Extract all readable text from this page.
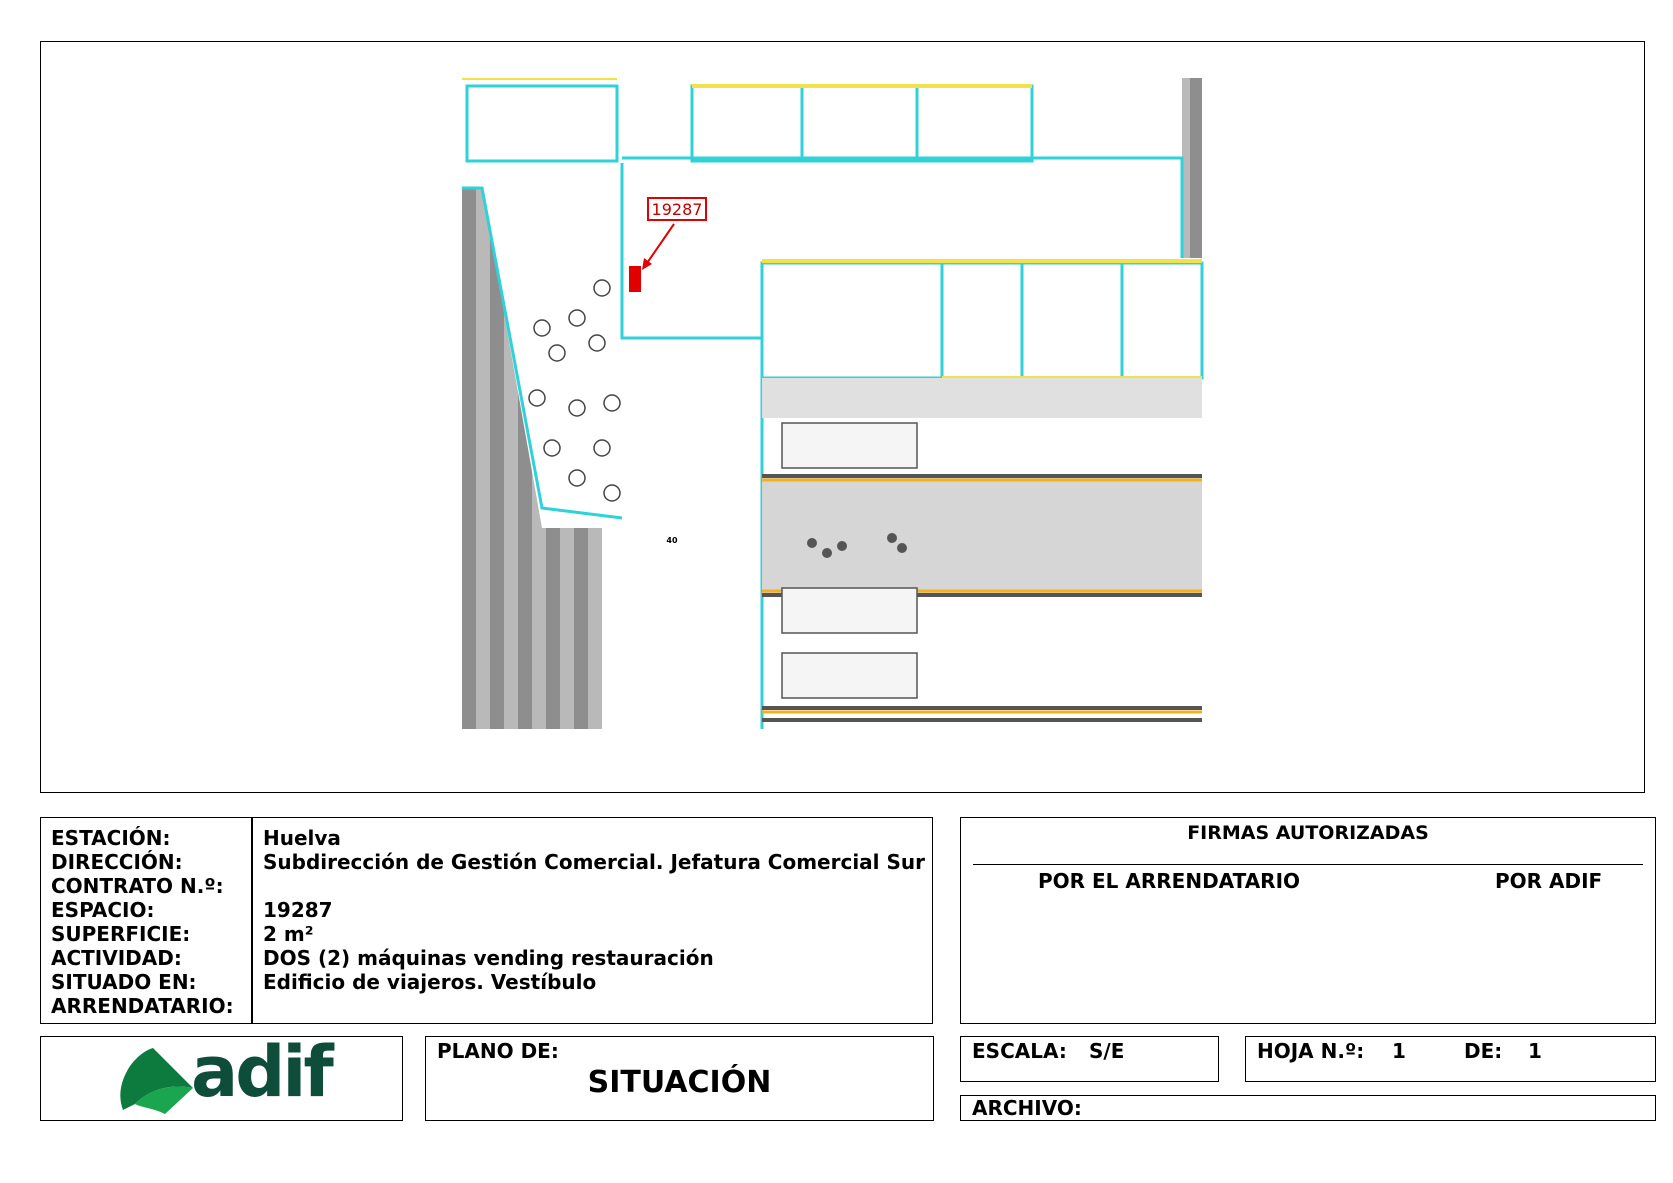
19287
40
ESTACIÓN:	Huelva
DIRECCIÓN:	Subdirección de Gestión Comercial. Jefatura Comercial Sur
CONTRATO N.º:
ESPACIO:	19287
SUPERFICIE:	2 m²
ACTIVIDAD:	DOS (2) máquinas vending restauración
SITUADO EN:	Edificio de viajeros. Vestíbulo
ARRENDATARIO:
FIRMAS AUTORIZADAS
POR EL ARRENDATARIO	POR ADIF
adif	PLANO DE:
SITUACIÓN
ESCALA: S/E	HOJA N.º: 1	DE: 1
ARCHIVO:
